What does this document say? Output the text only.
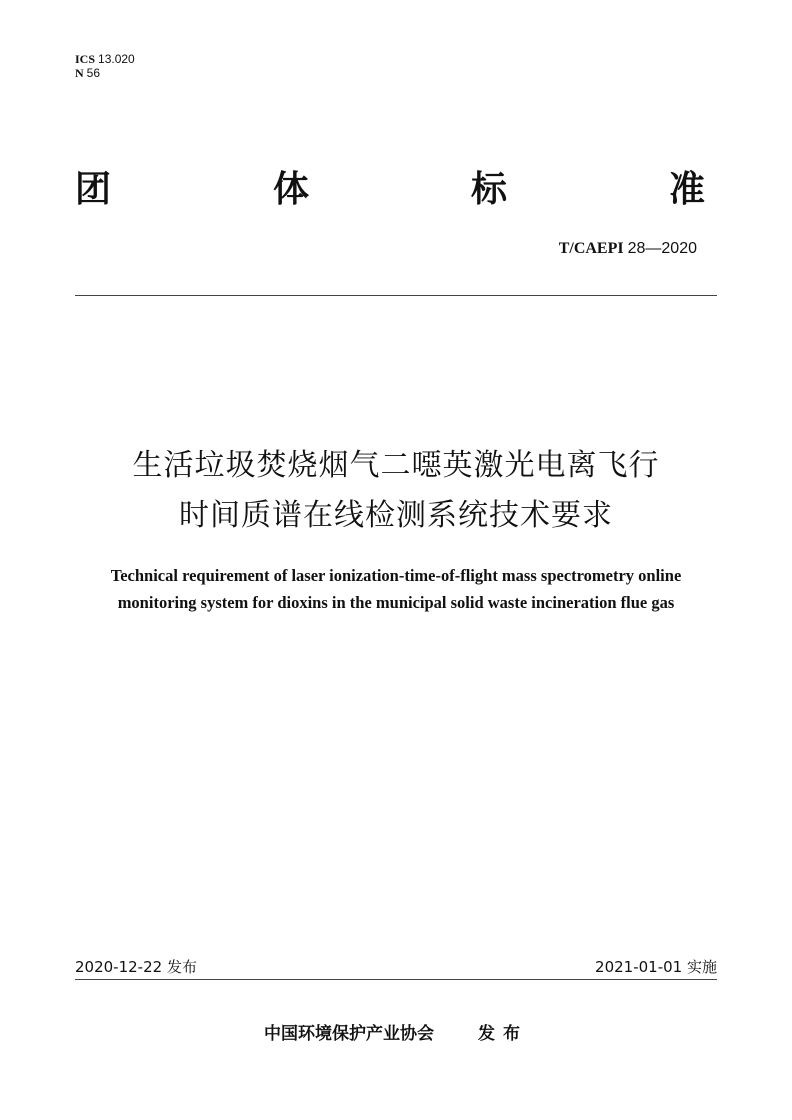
ICS 13.020
N 56
团	体	标	准
T/CAEPI 28—2020
生活垃圾焚烧烟气二噁英激光电离飞行
时间质谱在线检测系统技术要求
Technical requirement of laser ionization-time-of-flight mass spectrometry online
monitoring system for dioxins in the municipal solid waste incineration flue gas
2020-12-22 发布	2021-01-01 实施
中国环境保护产业协会	发布
